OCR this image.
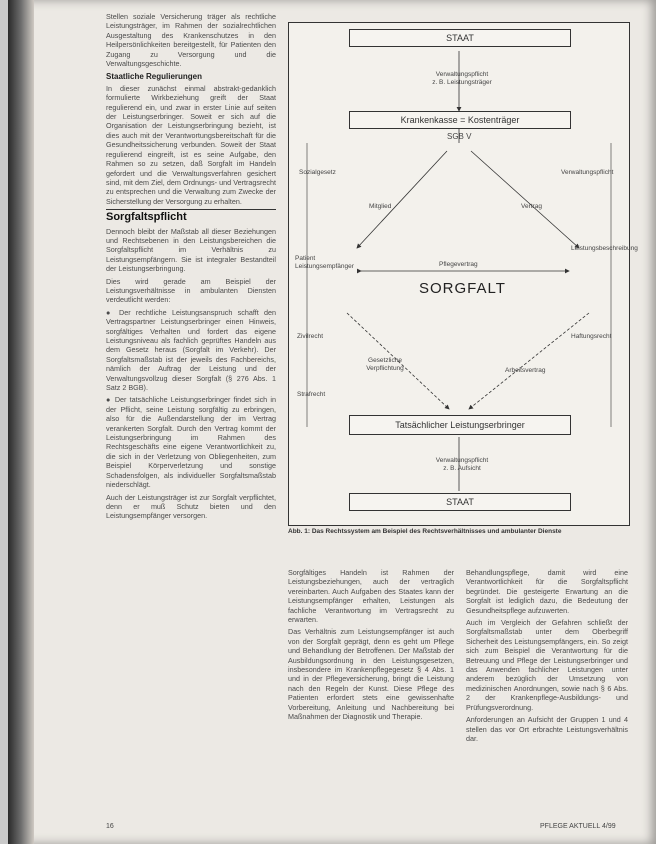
Stellen soziale Versicherung träger als rechtliche Leistungsträger, im Rahmen der sozialrechtlichen Ausgestaltung des Krankenschutzes in den Heilpersönlichkeiten bereitgestellt, für Patienten den Zugang zu Versorgung und die Verwaltungsgeschichte.

Staatliche Regulierungen

In dieser zunächst einmal abstrakt-gedanklich formulierte Wirkbeziehung greift der Staat regulierend ein, und zwar in erster Linie auf seiten der Leistungserbringer. Soweit er sich auf die Organisation der Leistungserbringung bezieht, ist dies auch mit der Verantwortungsbereitschaft für die Gesundheitssicherung verbunden. Soweit der Staat regulierend eingreift, ist es seine Aufgabe, den Rahmen so zu setzen, daß Sorgfalt im Handeln gefordert und die Verwaltungsverfahren gesichert sind, mit dem Ziel, dem Ordnungs- und Vertragsrecht zu entsprechen und die Verwaltung zum Zwecke der Sicherstellung der Versorgung zu erhalten.

Sorgfaltspflicht

Dennoch bleibt der Maßstab all dieser Beziehungen und Rechtsebenen in den Leistungsbereichen die Sorgfaltspflicht im Verhältnis zu Leistungsempfängern. Sie ist integraler Bestandteil der Leistungserbringung.

Dies wird gerade am Beispiel der Leistungsverhältnisse in ambulanten Diensten verdeutlicht werden:

● Der rechtliche Leistungsanspruch schafft den Vertragspartner Leistungserbringer einen Hinweis, sorgfältiges Verhalten und fordert das eigene Leistungsniveau als fachlich geprüftes Handeln aus dem Gesetz heraus (Sorgfalt im Verkehr). Der Sorgfaltsmaßstab ist der jeweils des Fachbereichs, nämlich der Auftrag der Leistung und der Verwaltungsvollzug dieser Sorgfalt (§ 276 Abs. 1 Satz 2 BGB).

● Der tatsächliche Leistungserbringer findet sich in der Pflicht, seine Leistung sorgfältig zu erbringen, also für die Außendarstellung der im Vertrag verankerten Sorgfalt. Durch den Vertrag kommt der Leistungserbringung im Rahmen des Rechtsgeschäfts eine eigene Verantwortlichkeit zu, die sich in der Verletzung von Obliegenheiten, zum Beispiel Körperverletzung und sonstige Schadensfolgen, als individueller Sorgfaltsmaßstab niederschlägt.

Auch der Leistungsträger ist zur Sorgfalt verpflichtet, denn er muß Schutz bieten und den Leistungsempfänger versorgen.

STAAT
Verwaltungspflicht
z. B. Leistungsträger
Krankenkasse = Kostenträger
SGB V
Sozialgesetz	Verwaltungspflicht
Mitglied	Vertrag
Patient
Leistungsempfänger
Leistungsbeschreibung
Pflegevertrag
SORGFALT
Zivilrecht	Haftungsrecht
Gesetzliche Verpflichtung	Arbeitsvertrag
Strafrecht
Tatsächlicher Leistungserbringer
Verwaltungspflicht
z. B. Aufsicht
STAAT
Abb. 1: Das Rechtssystem am Beispiel des Rechtsverhältnisses und ambulanter Dienste

Sorgfältiges Handeln ist Rahmen der Leistungsbeziehungen, auch der vertraglich vereinbarten. Auch Aufgaben des Staates kann der Leistungsempfänger erhalten, Leistungen als fachliche Verantwortung im Vertragsrecht zu erwarten.

Das Verhältnis zum Leistungsempfänger ist auch von der Sorgfalt geprägt, denn es geht um Pflege und Behandlung der Betroffenen. Der Maßstab der Ausbildungsordnung in den Leistungsgesetzen, insbesondere im Krankenpflegegesetz § 4 Abs. 1 und in der Pflegeversicherung, bringt die Leistung nach den Regeln der Kunst. Diese Pflege des Patienten erfordert stets eine gewissenhafte Vorbereitung, Anleitung und Nachbereitung bei Maßnahmen der Diagnostik und Therapie.

Behandlungspflege, damit wird eine Verantwortlichkeit für die Sorgfaltspflicht begründet. Die gesteigerte Erwartung an die Sorgfalt ist lediglich dazu, die Bedeutung der Gesundheitspflege aufzuwerten.

Auch im Vergleich der Gefahren schließt der Sorgfaltsmaßstab unter dem Oberbegriff Sicherheit des Leistungsempfängers, ein. So zeigt sich zum Beispiel die Verantwortung für die Betreuung und Pflege der Leistungserbringer und das Anwenden fachlicher Leistungen unter anderem bezüglich der Umsetzung von medizinischen Anordnungen, sowie nach § 6 Abs. 2 der Krankenpflege-Ausbildungs- und Prüfungsverordnung.

Anforderungen an Aufsicht der Gruppen 1 und 4 stellen das vor Ort erbrachte Leistungsverhältnis dar.

16	PFLEGE AKTUELL 4/99
